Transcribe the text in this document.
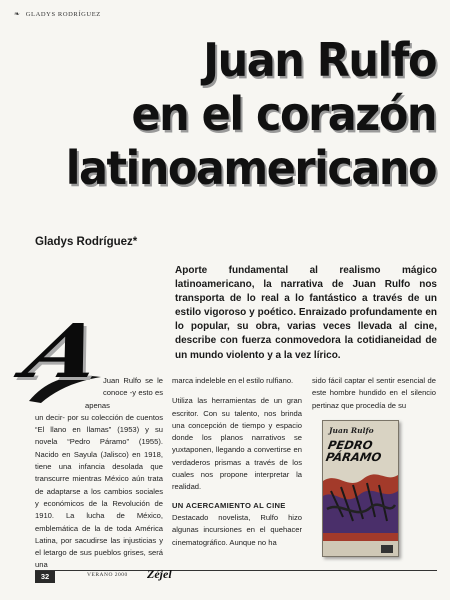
❧ GLADYS RODRÍGUEZ
Juan Rulfo
en el corazón
latinoamericano
Gladys Rodríguez*
Aporte fundamental al realismo mágico latinoamericano, la narrativa de Juan Rulfo nos transporta de lo real a lo fantástico a través de un estilo vigoroso y poético. Enraizado profundamente en lo popular, su obra, varias veces llevada al cine, describe con fuerza conmovedora la cotidianeidad de un mundo violento y a la vez lírico.
A

Juan Rulfo se le conoce -y esto es apenas

un decir- por su colección de cuentos “El llano en llamas” (1953) y su novela “Pedro Páramo” (1955). Nacido en Sayula (Jalisco) en 1918, tiene una infancia desolada que transcurre mientras México aún trata de adaptarse a los cambios sociales y económicos de la Revolución de 1910. La lucha de México, emblemática de la de toda América Latina, por sacudirse las injusticias y el letargo de sus pueblos grises, será una

marca indeleble en el estilo rulfiano.

Utiliza las herramientas de un gran escritor. Con su talento, nos brinda una concepción de tiempo y espacio donde los planos narrativos se yuxtaponen, llegando a convertirse en verdaderos prismas a través de los cuales nos propone interpretar la realidad.

UN ACERCAMIENTO AL CINE

Destacado novelista, Rulfo hizo algunas incursiones en el quehacer cinematográfico. Aunque no ha

sido fácil captar el sentir esencial de este hombre hundido en el silencio pertinaz que procedía de su

Juan Rulfo
PEDRO
PÁRAMO
32	VERANO 2000 Zéjel
